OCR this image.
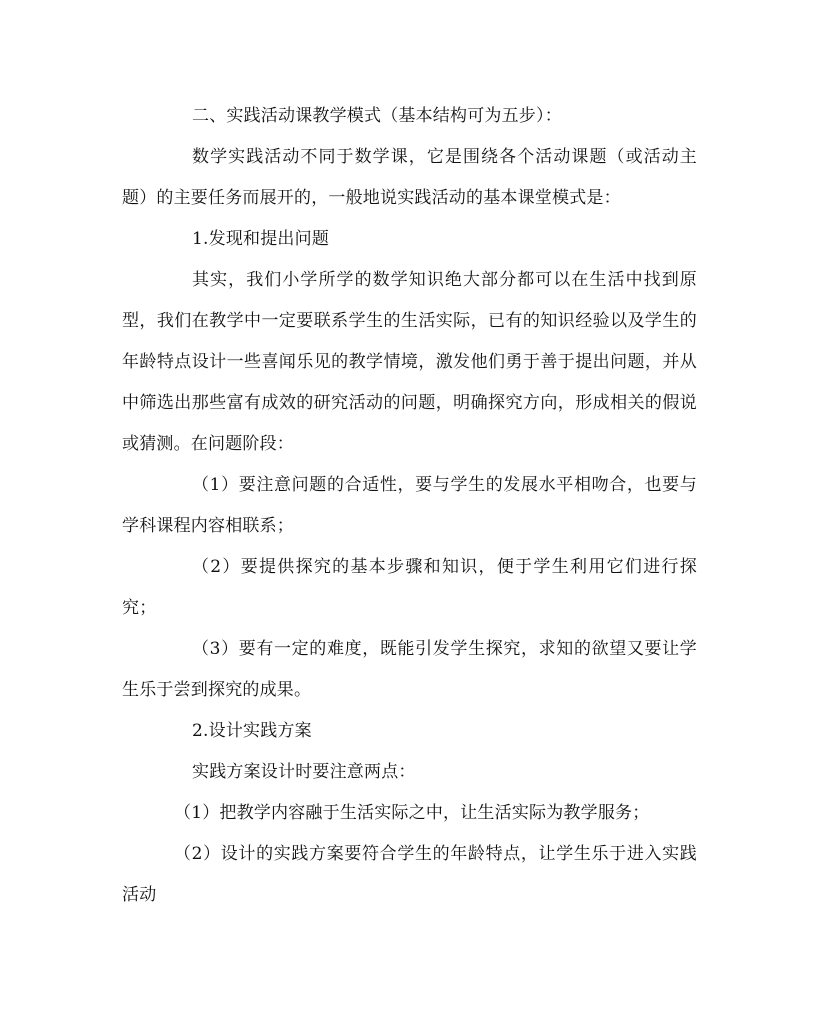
二、实践活动课教学模式（基本结构可为五步）：

数学实践活动不同于数学课，它是围绕各个活动课题（或活动主题）的主要任务而展开的，一般地说实践活动的基本课堂模式是：

1.发现和提出问题

其实，我们小学所学的数学知识绝大部分都可以在生活中找到原型，我们在教学中一定要联系学生的生活实际，已有的知识经验以及学生的年龄特点设计一些喜闻乐见的教学情境，激发他们勇于善于提出问题，并从中筛选出那些富有成效的研究活动的问题，明确探究方向，形成相关的假说或猜测。在问题阶段：

（1）要注意问题的合适性，要与学生的发展水平相吻合，也要与学科课程内容相联系；

（2）要提供探究的基本步骤和知识，便于学生利用它们进行探究；

（3）要有一定的难度，既能引发学生探究，求知的欲望又要让学生乐于尝到探究的成果。

2.设计实践方案

实践方案设计时要注意两点：

（1）把教学内容融于生活实际之中，让生活实际为教学服务；

（2）设计的实践方案要符合学生的年龄特点，让学生乐于进入实践活动
